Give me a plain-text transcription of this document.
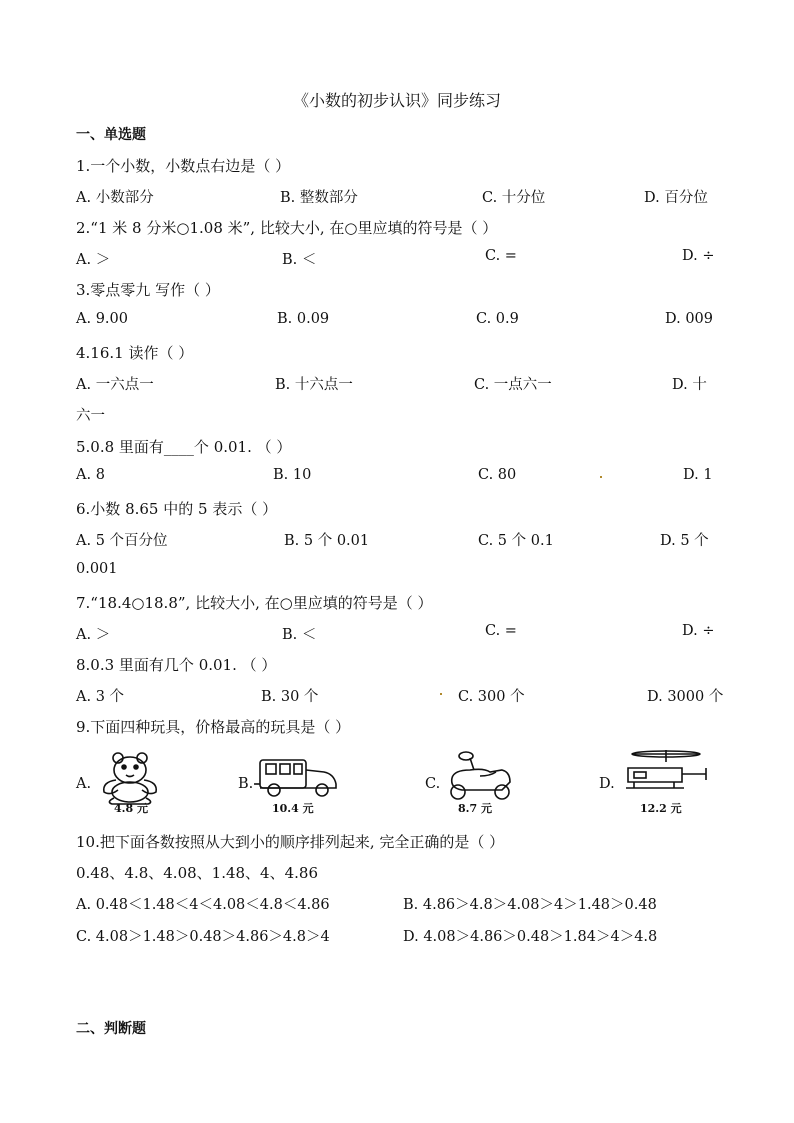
《小数的初步认识》同步练习
一、单选题
1.一个小数，小数点右边是（ ）
A. 小数部分	B. 整数部分	C. 十分位	D. 百分位
2.“1 米 8 分米○1.08 米”, 比较大小, 在○里应填的符号是（ ）
A. ＞	B. ＜	C. =	D. ÷
3.零点零九 写作（ ）
A. 9.00	B. 0.09	C. 0.9	D. 009
4.16.1 读作（ ）
A. 一六点一	B. 十六点一	C. 一点六一	D. 十
六一
5.0.8 里面有____个 0.01. （ ）
A. 8	B. 10	C. 80	D. 1
6.小数 8.65 中的 5 表示（ ）
A. 5 个百分位	B. 5 个 0.01	C. 5 个 0.1	D. 5 个
0.001
7.“18.4○18.8”, 比较大小, 在○里应填的符号是（ ）
A. ＞	B. ＜	C. =	D. ÷
8.0.3 里面有几个 0.01. （ ）
A. 3 个	B. 30 个	C. 300 个	D. 3000 个
9.下面四种玩具，价格最高的玩具是（ ）
A.
4.8 元
B.
10.4 元
C.
8.7 元
D.
12.2 元
10.把下面各数按照从大到小的顺序排列起来, 完全正确的是（ ）
0.48、4.8、4.08、1.48、4、4.86
A. 0.48＜1.48＜4＜4.08＜4.8＜4.86	B. 4.86＞4.8＞4.08＞4＞1.48＞0.48
C. 4.08＞1.48＞0.48＞4.86＞4.8＞4	D. 4.08＞4.86＞0.48＞1.84＞4＞4.8
二、判断题
